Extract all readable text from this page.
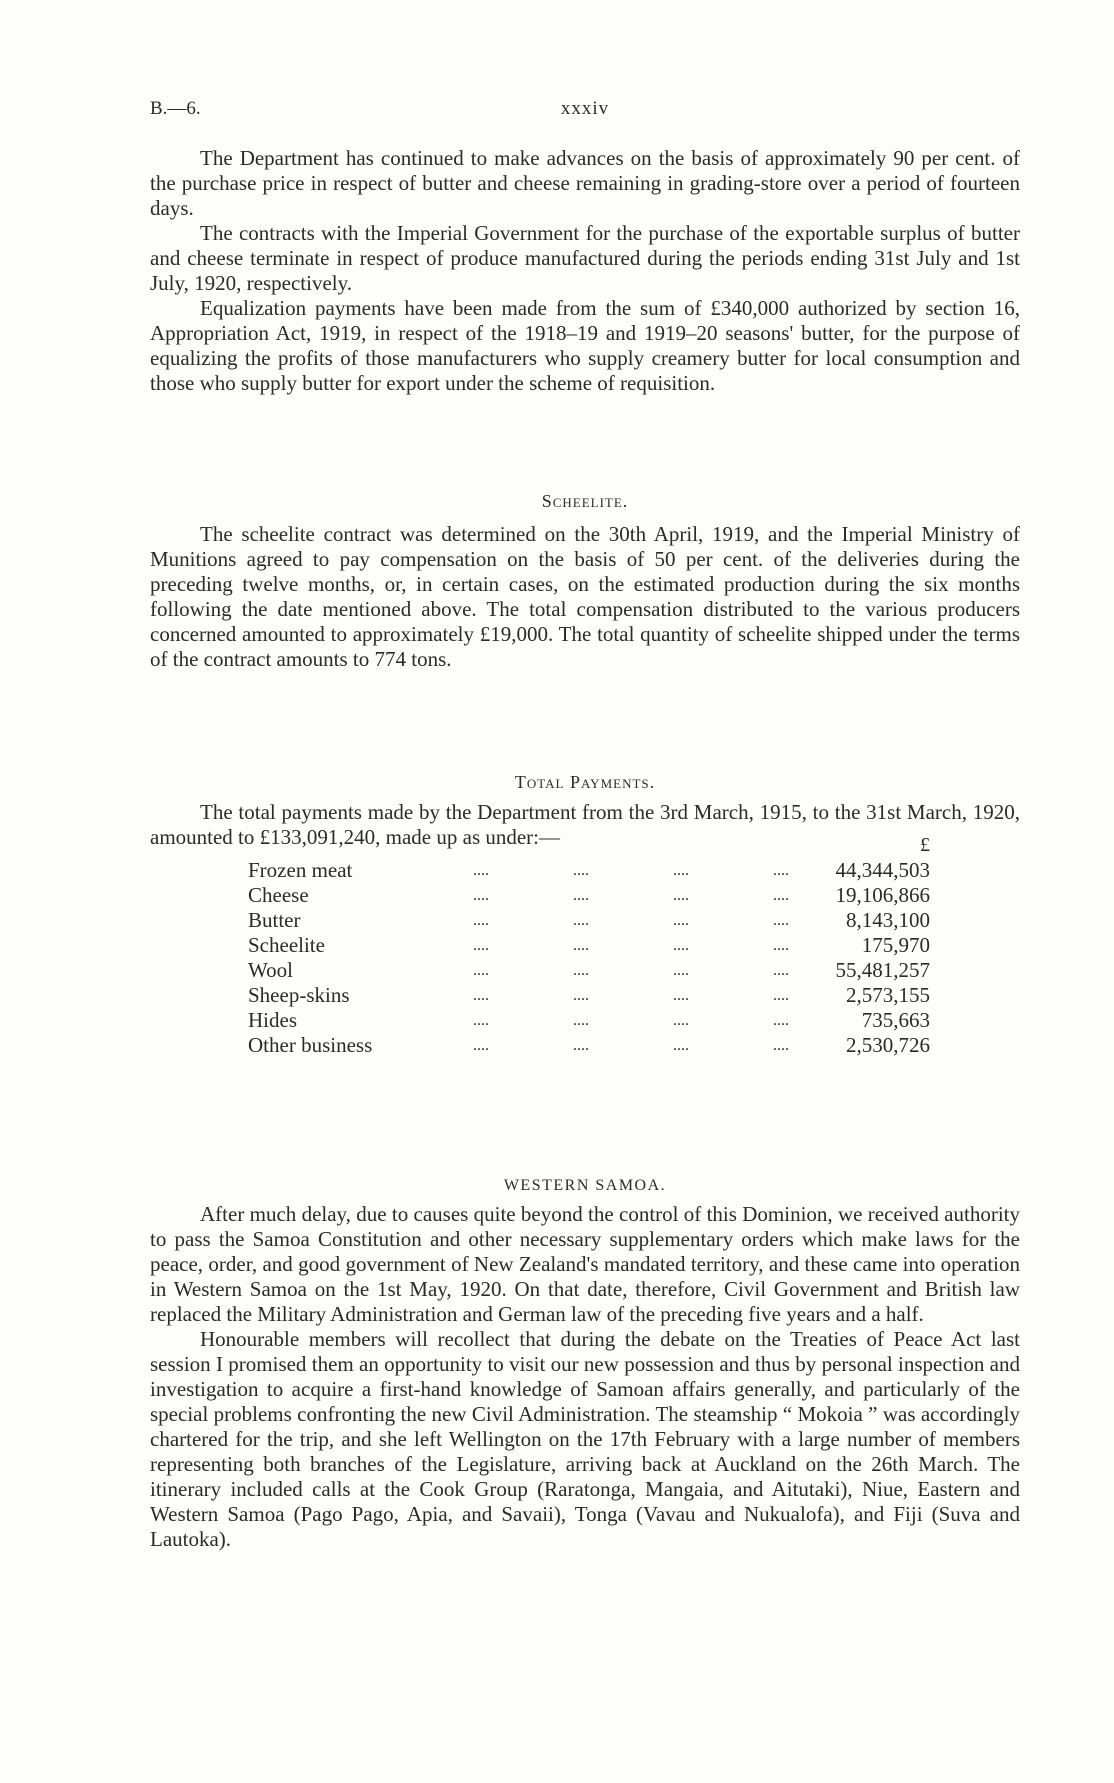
B.—6.	xxxiv

The Department has continued to make advances on the basis of approximately 90 per cent. of the purchase price in respect of butter and cheese remaining in grading-store over a period of fourteen days.

The contracts with the Imperial Government for the purchase of the exportable surplus of butter and cheese terminate in respect of produce manufactured during the periods ending 31st July and 1st July, 1920, respectively.

Equalization payments have been made from the sum of £340,000 authorized by section 16, Appropriation Act, 1919, in respect of the 1918–19 and 1919–20 seasons' butter, for the purpose of equalizing the profits of those manufacturers who supply creamery butter for local consumption and those who supply butter for export under the scheme of requisition.

Scheelite.

The scheelite contract was determined on the 30th April, 1919, and the Imperial Ministry of Munitions agreed to pay compensation on the basis of 50 per cent. of the deliveries during the preceding twelve months, or, in certain cases, on the estimated production during the six months following the date mentioned above. The total compensation distributed to the various producers concerned amounted to approximately £19,000. The total quantity of scheelite shipped under the terms of the contract amounts to 774 tons.

Total Payments.

The total payments made by the Department from the 3rd March, 1915, to the 31st March, 1920, amounted to £133,091,240, made up as under:—	£
Frozen meat	....	....	....	.... 44,344,503
Cheese	....	....	....	.... 19,106,866
Butter	....	....	....	....	8,143,100
Scheelite	....	....	....	....	175,970
Wool	....	....	....	.... 55,481,257
Sheep-skins	....	....	....	....	2,573,155
Hides	....	....	....	....	735,663
Other business	....	....	....	....	2,530,726
WESTERN SAMOA.

After much delay, due to causes quite beyond the control of this Dominion, we received authority to pass the Samoa Constitution and other necessary supplementary orders which make laws for the peace, order, and good government of New Zealand's mandated territory, and these came into operation in Western Samoa on the 1st May, 1920. On that date, therefore, Civil Government and British law replaced the Military Administration and German law of the preceding five years and a half.

Honourable members will recollect that during the debate on the Treaties of Peace Act last session I promised them an opportunity to visit our new possession and thus by personal inspection and investigation to acquire a first-hand knowledge of Samoan affairs generally, and particularly of the special problems confronting the new Civil Administration. The steamship “ Mokoia ” was accordingly chartered for the trip, and she left Wellington on the 17th February with a large number of members representing both branches of the Legislature, arriving back at Auckland on the 26th March. The itinerary included calls at the Cook Group (Raratonga, Mangaia, and Aitutaki), Niue, Eastern and Western Samoa (Pago Pago, Apia, and Savaii), Tonga (Vavau and Nukualofa), and Fiji (Suva and Lautoka).
